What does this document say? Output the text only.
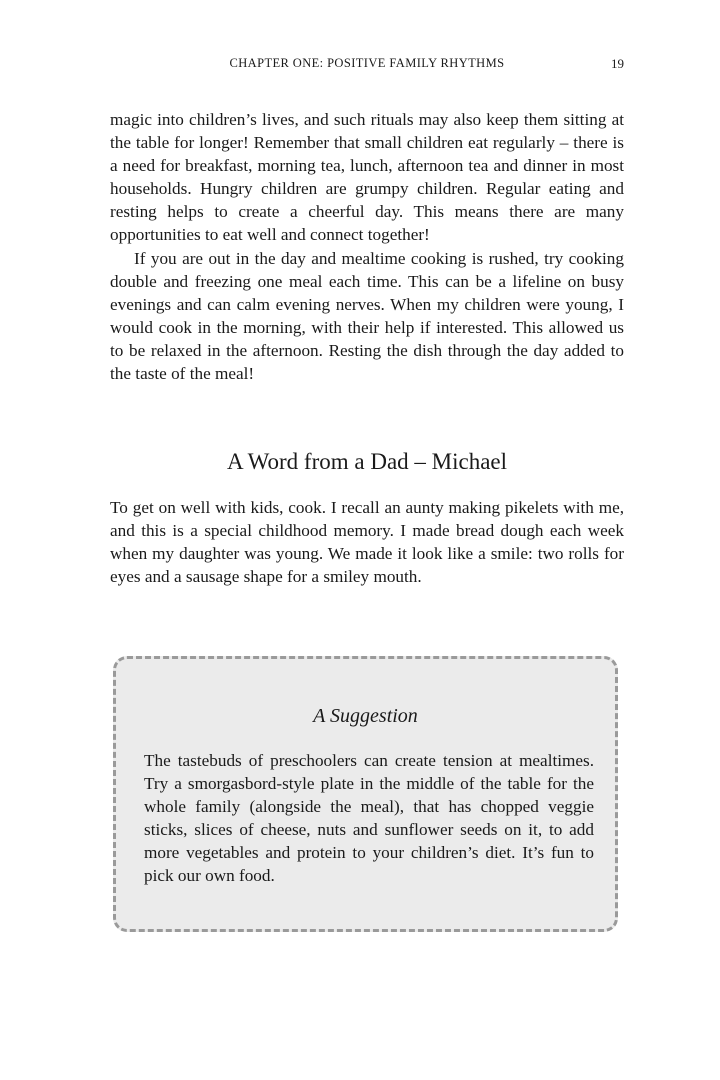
CHAPTER ONE: POSITIVE FAMILY RHYTHMS	19

magic into children’s lives, and such rituals may also keep them sitting at the table for longer! Remember that small children eat regularly – there is a need for breakfast, morning tea, lunch, afternoon tea and dinner in most households. Hungry children are grumpy children. Regular eating and resting helps to create a cheerful day. This means there are many opportunities to eat well and connect together!

If you are out in the day and mealtime cooking is rushed, try cooking double and freezing one meal each time. This can be a lifeline on busy evenings and can calm evening nerves. When my children were young, I would cook in the morning, with their help if interested. This allowed us to be relaxed in the afternoon. Resting the dish through the day added to the taste of the meal!

A Word from a Dad – Michael

To get on well with kids, cook. I recall an aunty making pikelets with me, and this is a special childhood memory. I made bread dough each week when my daughter was young. We made it look like a smile: two rolls for eyes and a sausage shape for a smiley mouth.

A Suggestion

The tastebuds of preschoolers can create tension at mealtimes. Try a smorgasbord-style plate in the middle of the table for the whole family (alongside the meal), that has chopped veggie sticks, slices of cheese, nuts and sunflower seeds on it, to add more vegetables and protein to your children’s diet. It’s fun to pick our own food.
